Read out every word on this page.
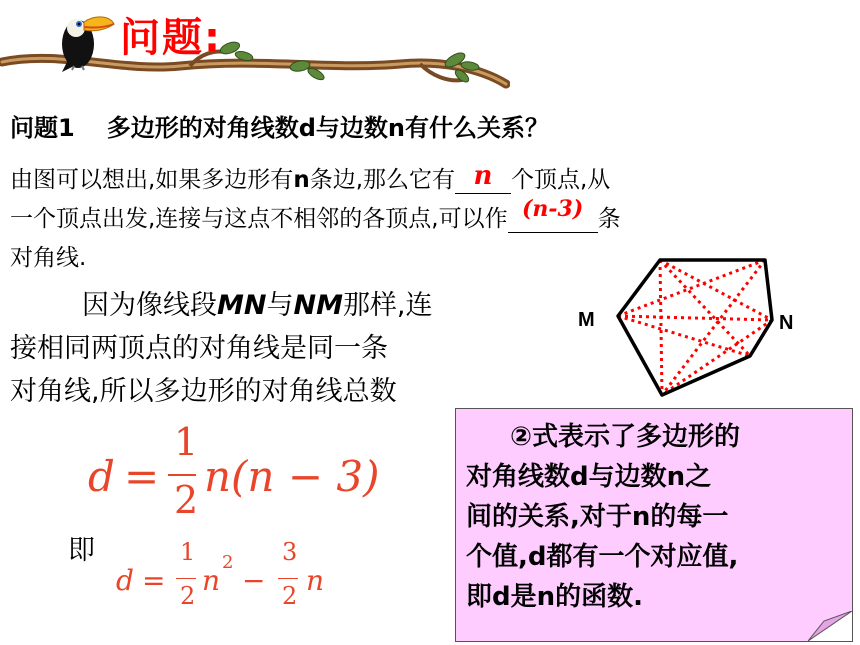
问题:
问题1 多边形的对角线数d与边数n有什么关系？
由图可以想出,如果多边形有n条边,那么它有 n 个顶点,从
一个顶点出发,连接与这点不相邻的各顶点,可以作 (n-3) 条
对角线.
因为像线段MN与NM那样,连
接相同两顶点的对角线是同一条
对角线,所以多边形的对角线总数
M	N
d =
1
2 n(n − 3)
即
d =
1
2 n
2
−
3
2 n
②式表示了多边形的
对角线数d与边数n之
间的关系,对于n的每一
个值,d都有一个对应值,
即d是n的函数.
